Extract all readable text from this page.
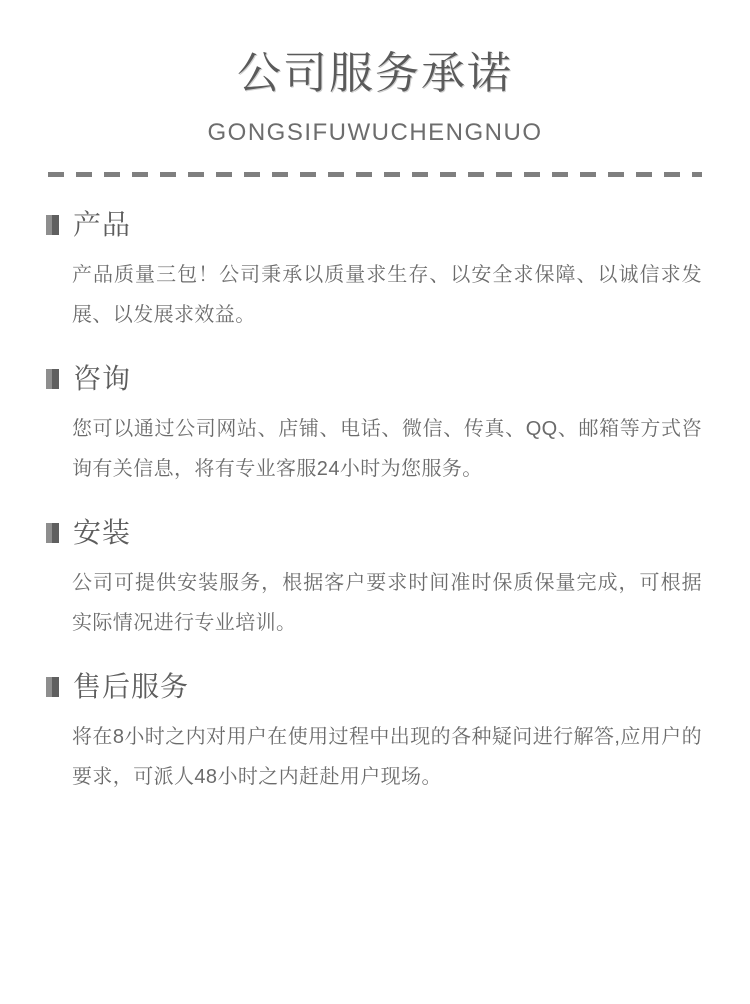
公司服务承诺
GONGSIFUWUCHENGNUO
产品

产品质量三包！公司秉承以质量求生存、以安全求保障、以诚信求发展、以发展求效益。

咨询

您可以通过公司网站、店铺、电话、微信、传真、QQ、邮箱等方式咨询有关信息，将有专业客服24小时为您服务。

安装

公司可提供安装服务，根据客户要求时间准时保质保量完成，可根据实际情况进行专业培训。

售后服务

将在8小时之内对用户在使用过程中出现的各种疑问进行解答,应用户的要求，可派人48小时之内赶赴用户现场。
